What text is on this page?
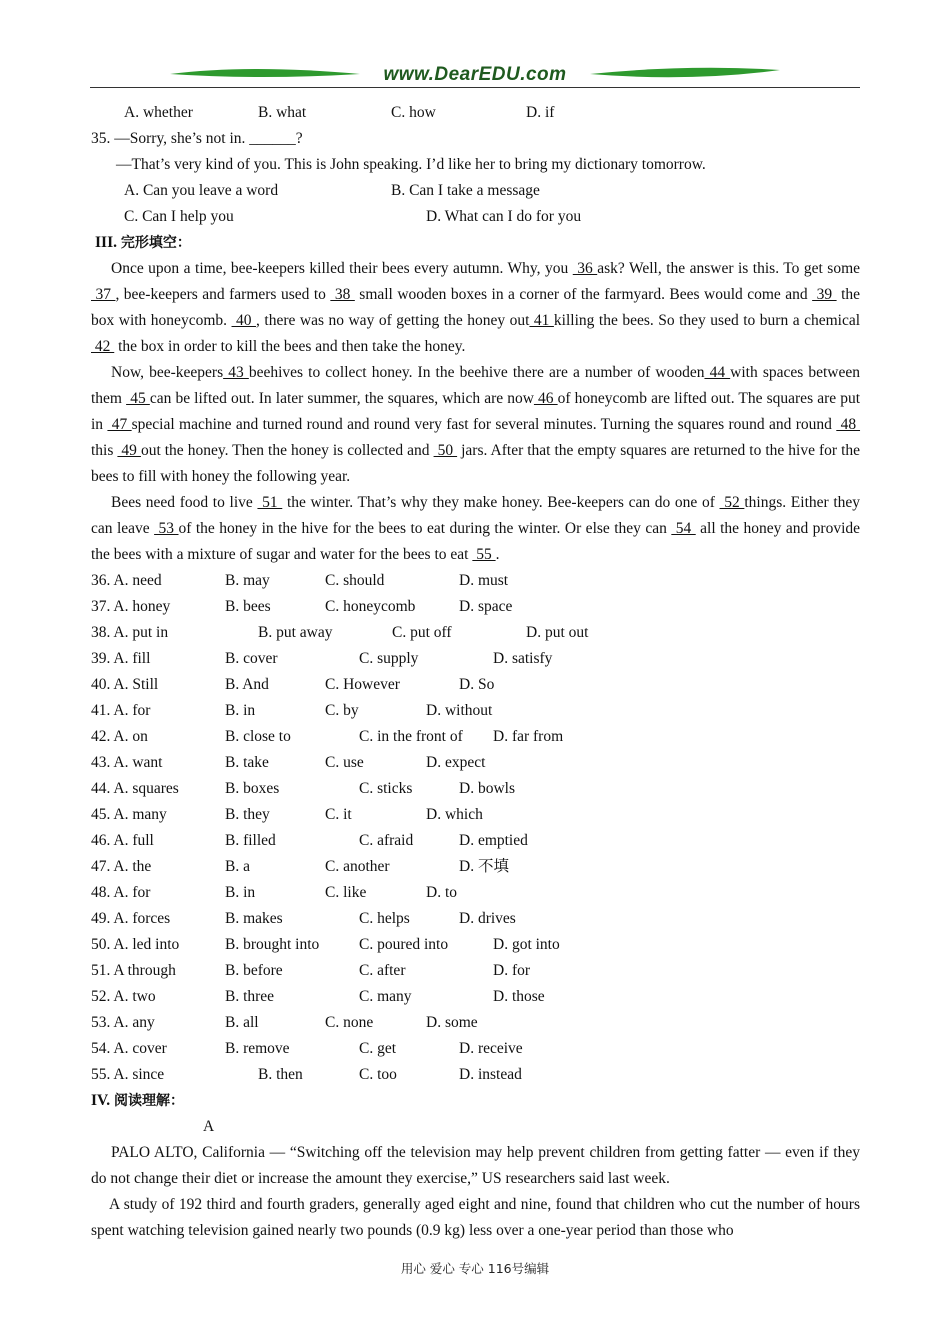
www.DearEDU.com
A. whether	B. what	C. how	D. if
35. —Sorry, she’s not in. ______?
—That’s very kind of you. This is John speaking. I’d like her to bring my dictionary tomorrow.
A. Can you leave a word	B. Can I take a message
C. Can I help you	D. What can I do for you
III. 完形填空：
Once upon a time, bee-keepers killed their bees every autumn. Why, you  36 ask? Well, the answer is this. To get some  37 , bee-keepers and farmers used to  38  small wooden boxes in a corner of the farmyard. Bees would come and  39  the box with honeycomb.  40 , there was no way of getting the honey out 41 killing the bees. So they used to burn a chemical  42  the box in order to kill the bees and then take the honey.
Now, bee-keepers 43 beehives to collect honey. In the beehive there are a number of wooden 44 with spaces between them  45 can be lifted out. In later summer, the squares, which are now 46 of honeycomb are lifted out. The squares are put in  47 special machine and turned round and round very fast for several minutes. Turning the squares round and round  48  this  49 out the honey. Then the honey is collected and  50  jars. After that the empty squares are returned to the hive for the bees to fill with honey the following year.
Bees need food to live  51  the winter. That’s why they make honey. Bee-keepers can do one of  52 things. Either they can leave  53 of the honey in the hive for the bees to eat during the winter. Or else they can  54  all the honey and provide the bees with a mixture of sugar and water for the bees to eat  55 .
36. A. need	B. may	C. should	D. must
37. A. honey	B. bees	C. honeycomb	D. space
38. A. put in	B. put away	C. put off	D. put out
39. A. fill	B. cover	C. supply	D. satisfy
40. A. Still	B. And	C. However	D. So
41. A. for	B. in	C. by	D. without
42. A. on	B. close to	C. in the front of D. far from
43. A. want	B. take	C. use	D. expect
44. A. squares	B. boxes	C. sticks	D. bowls
45. A. many	B. they	C. it	D. which
46. A. full	B. filled	C. afraid	D. emptied
47. A. the	B. a	C. another	D. 不填
48. A. for	B. in	C. like	D. to
49. A. forces	B. makes	C. helps	D. drives
50. A. led into	B. brought into	C. poured into	D. got into
51. A through	B. before	C. after	D. for
52. A. two	B. three	C. many	D. those
53. A. any	B. all	C. none	D. some
54. A. cover	B. remove	C. get	D. receive
55. A. since	B. then	C. too	D. instead
IV. 阅读理解：
A
PALO ALTO, California — “Switching off the television may help prevent children from getting fatter — even if they do not change their diet or increase the amount they exercise,” US researchers said last week.
A study of 192 third and fourth graders, generally aged eight and nine, found that children who cut the number of hours spent watching television gained nearly two pounds (0.9 kg) less over a one-year period than those who
用心 爱心 专心 116号编辑
